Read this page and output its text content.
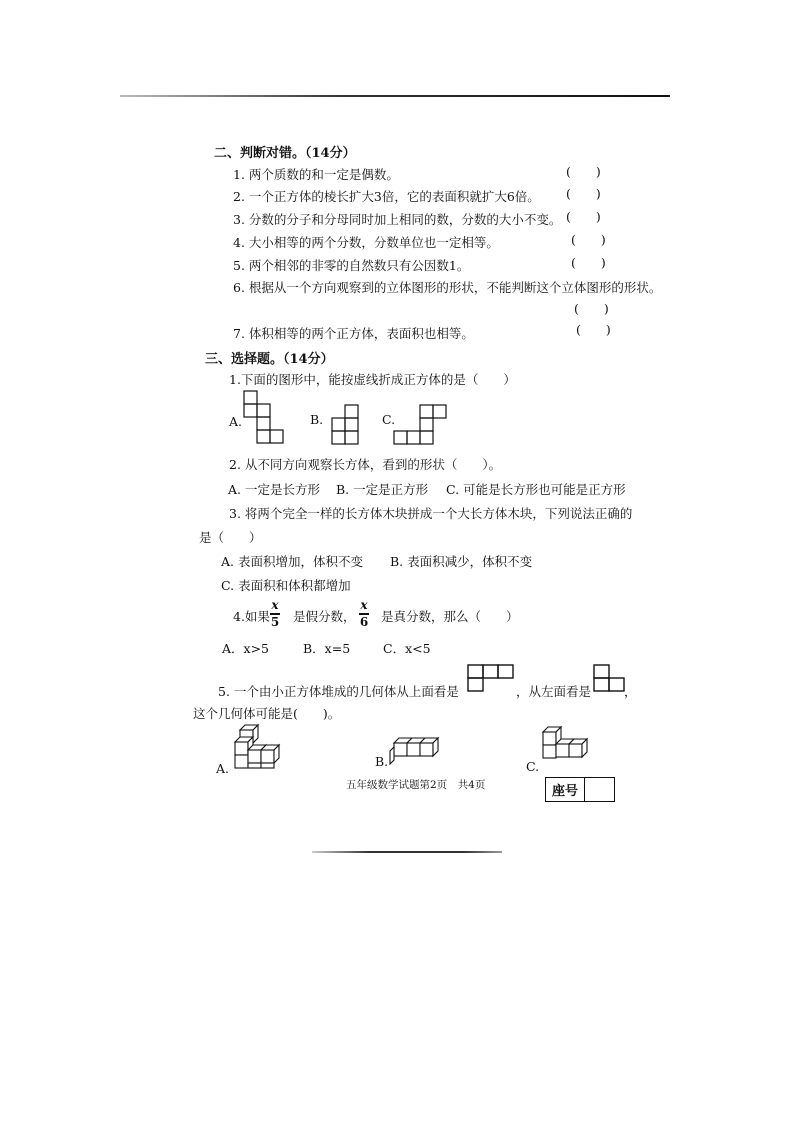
二、判断对错。（14分）
1. 两个质数的和一定是偶数。	(　　)
2. 一个正方体的棱长扩大3倍，它的表面积就扩大6倍。 (　　)
3. 分数的分子和分母同时加上相同的数，分数的大小不变。 (　　)
4. 大小相等的两个分数，分数单位也一定相等。	(　　)
5. 两个相邻的非零的自然数只有公因数1。	(　　)
6. 根据从一个方向观察到的立体图形的形状，不能判断这个立体图形的形状。
(　　)
7. 体积相等的两个正方体，表面积也相等。	(　　)
三、选择题。（14分）
1.下面的图形中，能按虚线折成正方体的是（　　）
A.	B.	C.
2. 从不同方向观察长方体，看到的形状（　　）。
A. 一定是长方形 B. 一定是正方形 C. 可能是长方形也可能是正方形
3. 将两个完全一样的长方体木块拼成一个大长方体木块，下列说法正确的
是（　　）
A. 表面积增加，体积不变 B. 表面积减少，体积不变
C. 表面积和体积都增加
4.如果
x
5 是假分数，
x
6 是真分数，那么（　　）
A．x>5	B．x=5	C．x<5
5. 一个由小正方体堆成的几何体从上面看是	，从左面看是	，
这个几何体可能是(　　)。
A.	B.	C.
五年级数学试题第2页　共4页	座号
